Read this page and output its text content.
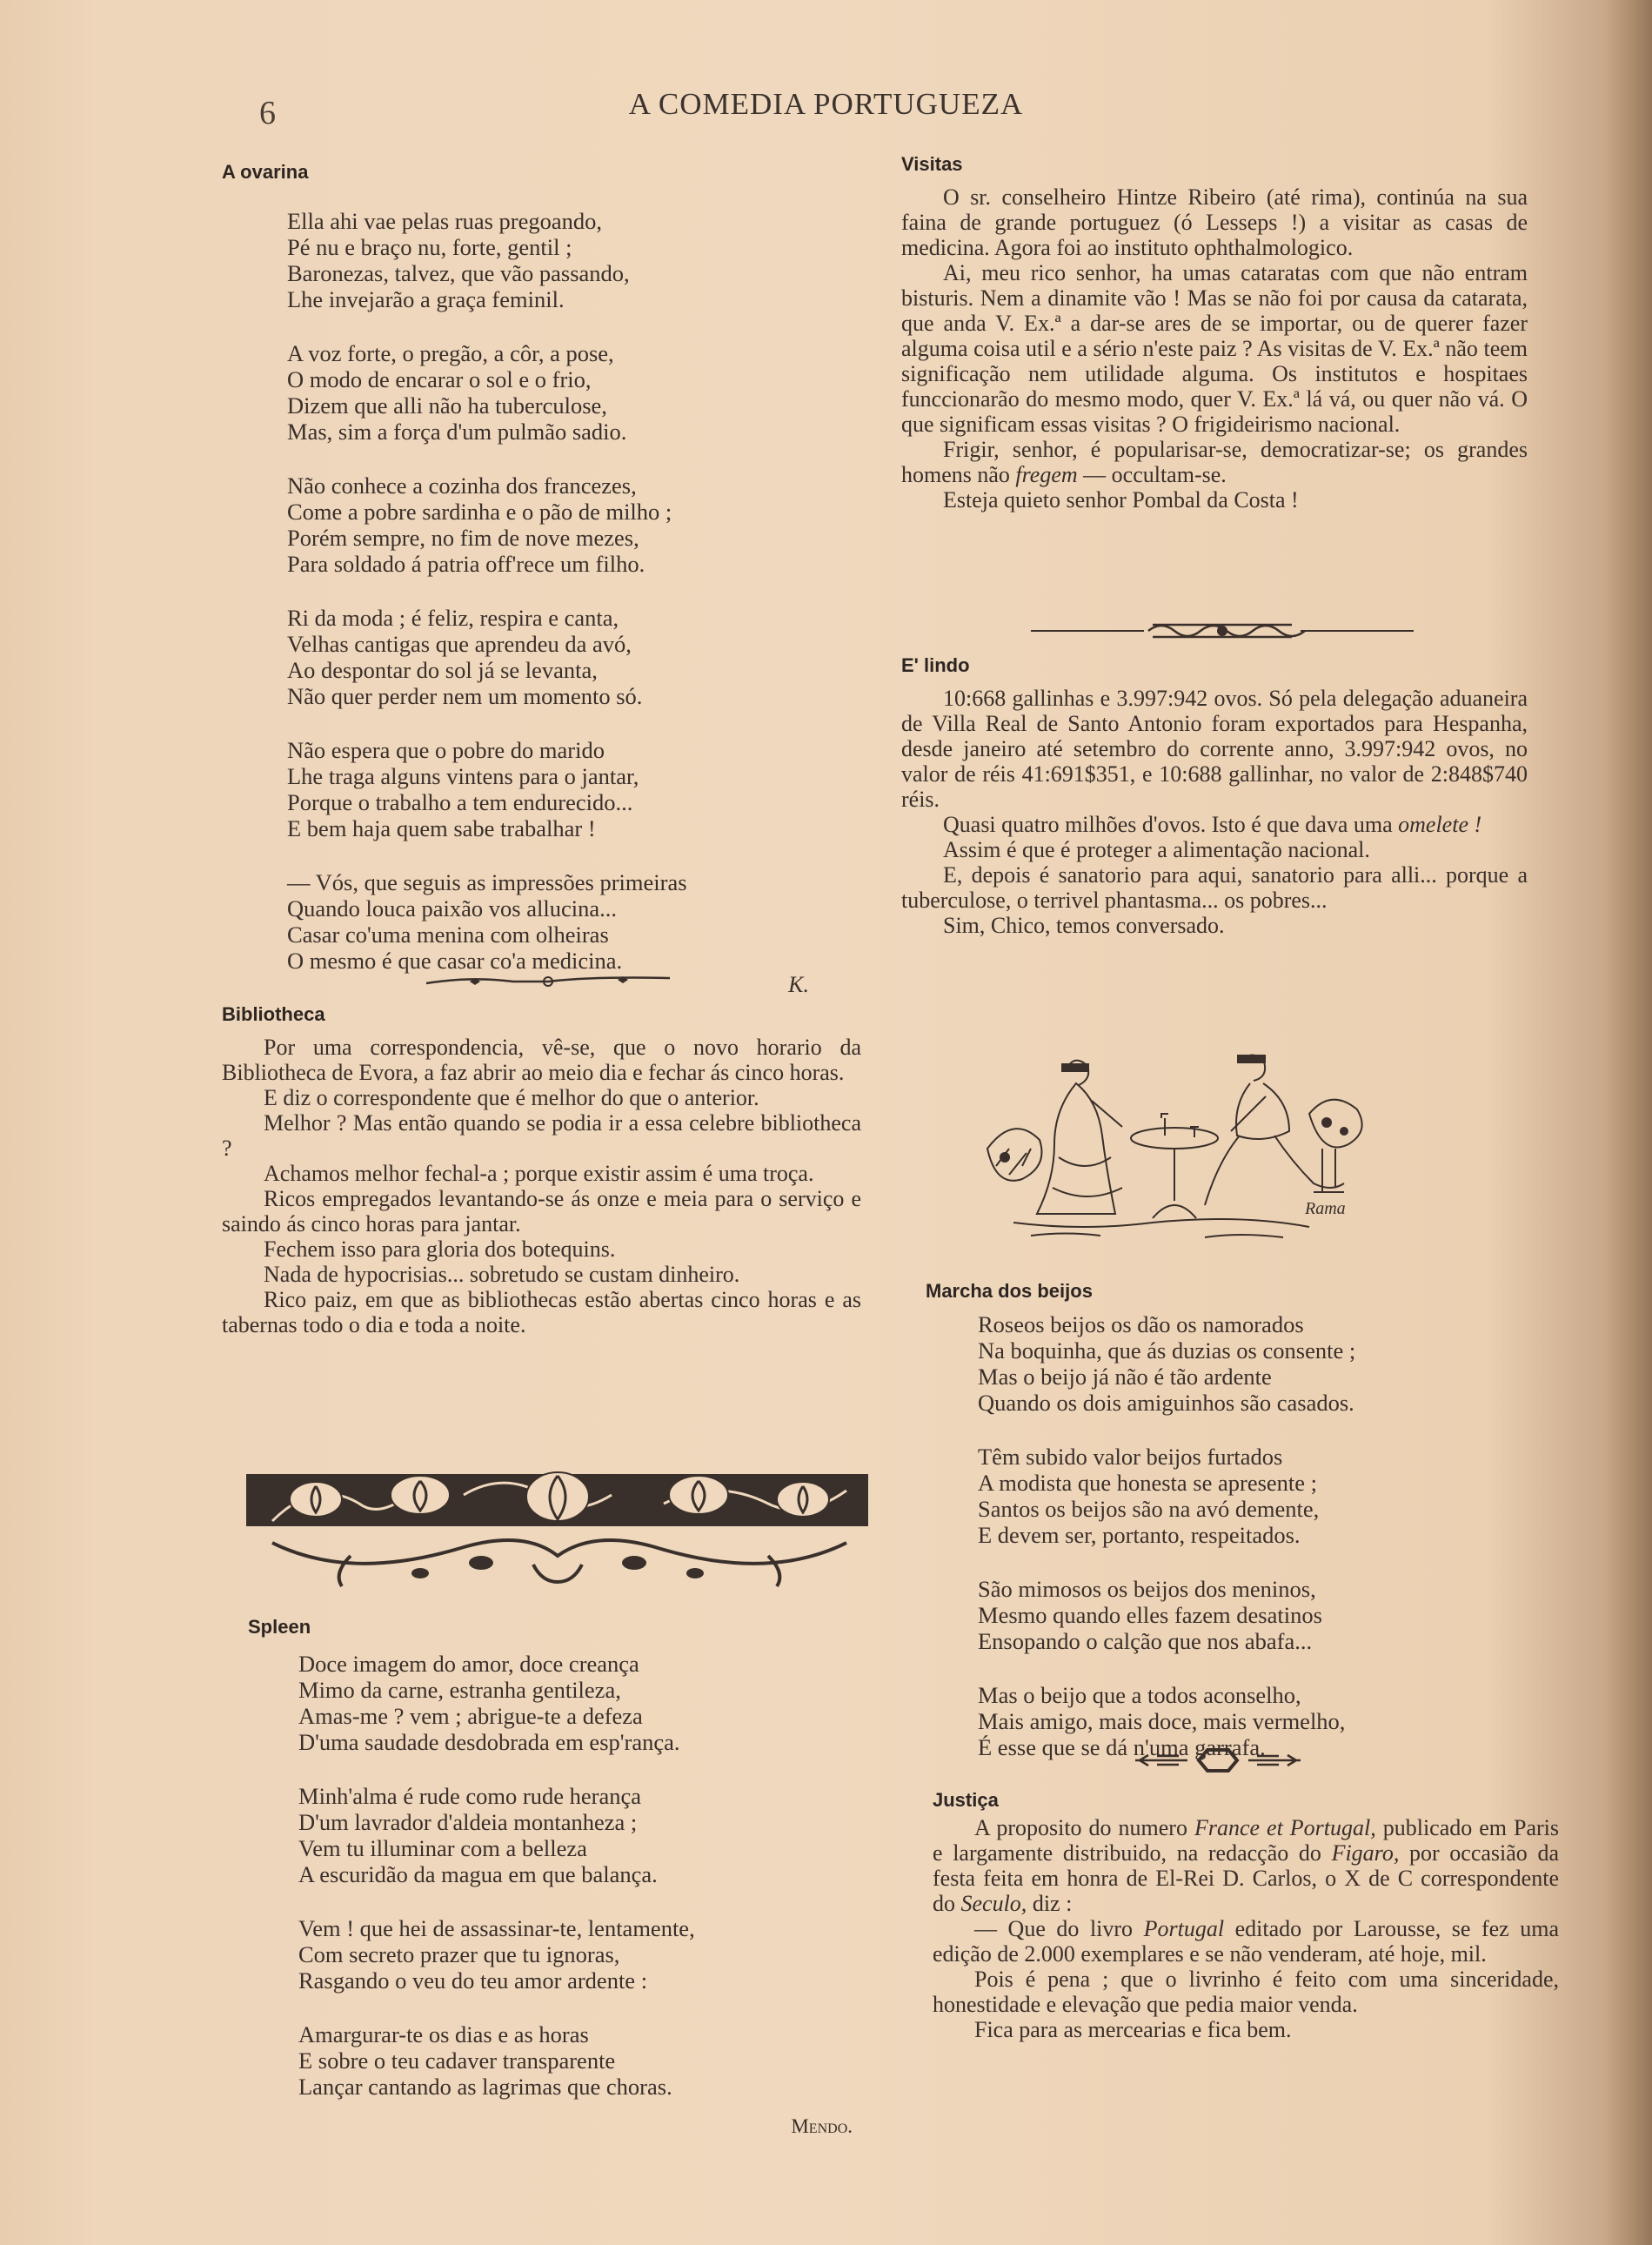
6	A COMEDIA PORTUGUEZA
A ovarina
Ella ahi vae pelas ruas pregoando,
Pé nu e braço nu, forte, gentil ;
Baronezas, talvez, que vão passando,
Lhe invejarão a graça feminil.
A voz forte, o pregão, a côr, a pose,
O modo de encarar o sol e o frio,
Dizem que alli não ha tuberculose,
Mas, sim a força d'um pulmão sadio.
Não conhece a cozinha dos francezes,
Come a pobre sardinha e o pão de milho ;
Porém sempre, no fim de nove mezes,
Para soldado á patria off'rece um filho.
Ri da moda ; é feliz, respira e canta,
Velhas cantigas que aprendeu da avó,
Ao despontar do sol já se levanta,
Não quer perder nem um momento só.
Não espera que o pobre do marido
Lhe traga alguns vintens para o jantar,
Porque o trabalho a tem endurecido...
E bem haja quem sabe trabalhar !
— Vós, que seguis as impressões primeiras
Quando louca paixão vos allucina...
Casar co'uma menina com olheiras
O mesmo é que casar co'a medicina.
K.
Bibliotheca

Por uma correspondencia, vê-se, que o novo horario da Bibliotheca de Evora, a faz abrir ao meio dia e fechar ás cinco horas.

E diz o correspondente que é melhor do que o anterior.

Melhor ? Mas então quando se podia ir a essa celebre bibliotheca ?

Achamos melhor fechal-a ; porque existir assim é uma troça.

Ricos empregados levantando-se ás onze e meia para o serviço e saindo ás cinco horas para jantar.

Fechem isso para gloria dos botequins.

Nada de hypocrisias... sobretudo se custam dinheiro.

Rico paiz, em que as bibliothecas estão abertas cinco horas e as tabernas todo o dia e toda a noite.

Spleen
Doce imagem do amor, doce creança
Mimo da carne, estranha gentileza,
Amas-me ? vem ; abrigue-te a defeza
D'uma saudade desdobrada em esp'rança.
Minh'alma é rude como rude herança
D'um lavrador d'aldeia montanheza ;
Vem tu illuminar com a belleza
A escuridão da magua em que balança.
Vem ! que hei de assassinar-te, lentamente,
Com secreto prazer que tu ignoras,
Rasgando o veu do teu amor ardente :
Amargurar-te os dias e as horas
E sobre o teu cadaver transparente
Lançar cantando as lagrimas que choras.
Mendo.
Visitas

O sr. conselheiro Hintze Ribeiro (até rima), continúa na sua faina de grande portuguez (ó Lesseps !) a visitar as casas de medicina. Agora foi ao instituto ophthalmologico.

Ai, meu rico senhor, ha umas cataratas com que não entram bisturis. Nem a dinamite vão ! Mas se não foi por causa da catarata, que anda V. Ex.ª a dar-se ares de se importar, ou de querer fazer alguma coisa util e a sério n'este paiz ? As visitas de V. Ex.ª não teem significação nem utilidade alguma. Os institutos e hospitaes funccionarão do mesmo modo, quer V. Ex.ª lá vá, ou quer não vá. O que significam essas visitas ? O frigideirismo nacional.

Frigir, senhor, é popularisar-se, democratizar-se; os grandes homens não fregem — occultam-se.

Esteja quieto senhor Pombal da Costa !

E' lindo

10:668 gallinhas e 3.997:942 ovos. Só pela delegação aduaneira de Villa Real de Santo Antonio foram exportados para Hespanha, desde janeiro até setembro do corrente anno, 3.997:942 ovos, no valor de réis 41:691$351, e 10:688 gallinhar, no valor de 2:848$740 réis.

Quasi quatro milhões d'ovos. Isto é que dava uma omelete !

Assim é que é proteger a alimentação nacional.

E, depois é sanatorio para aqui, sanatorio para alli... porque a tuberculose, o terrivel phantasma... os pobres...

Sim, Chico, temos conversado.

Rama
Marcha dos beijos
Roseos beijos os dão os namorados
Na boquinha, que ás duzias os consente ;
Mas o beijo já não é tão ardente
Quando os dois amiguinhos são casados.
Têm subido valor beijos furtados
A modista que honesta se apresente ;
Santos os beijos são na avó demente,
E devem ser, portanto, respeitados.
São mimosos os beijos dos meninos,
Mesmo quando elles fazem desatinos
Ensopando o calção que nos abafa...
Mas o beijo que a todos aconselho,
Mais amigo, mais doce, mais vermelho,
É esse que se dá n'uma garrafa.
Justiça

A proposito do numero France et Portugal, publicado em Paris e largamente distribuido, na redacção do Figaro, por occasião da festa feita em honra de El-Rei D. Carlos, o X de C correspondente do Seculo, diz :

— Que do livro Portugal editado por Larousse, se fez uma edição de 2.000 exemplares e se não venderam, até hoje, mil.

Pois é pena ; que o livrinho é feito com uma sinceridade, honestidade e elevação que pedia maior venda.

Fica para as mercearias e fica bem.
